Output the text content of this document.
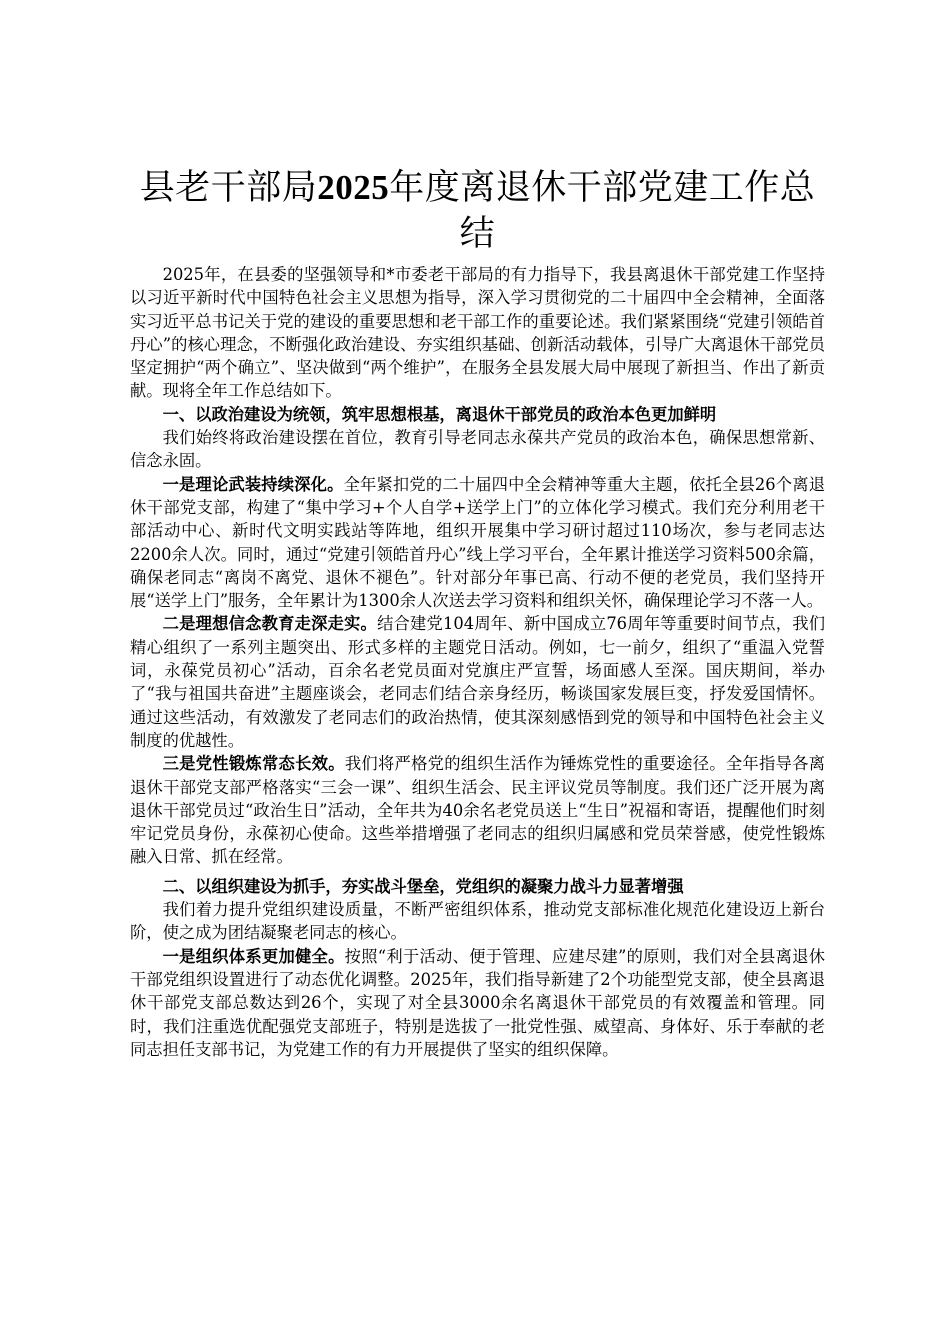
县老干部局2025年度离退休干部党建工作总结

2025年，在县委的坚强领导和*市委老干部局的有力指导下，我县离退休干部党建工作坚持以习近平新时代中国特色社会主义思想为指导，深入学习贯彻党的二十届四中全会精神，全面落实习近平总书记关于党的建设的重要思想和老干部工作的重要论述。我们紧紧围绕“党建引领皓首丹心”的核心理念，不断强化政治建设、夯实组织基础、创新活动载体，引导广大离退休干部党员坚定拥护“两个确立”、坚决做到“两个维护”，在服务全县发展大局中展现了新担当、作出了新贡献。现将全年工作总结如下。

一、以政治建设为统领，筑牢思想根基，离退休干部党员的政治本色更加鲜明

我们始终将政治建设摆在首位，教育引导老同志永葆共产党员的政治本色，确保思想常新、信念永固。

一是理论武装持续深化。全年紧扣党的二十届四中全会精神等重大主题，依托全县26个离退休干部党支部，构建了“集中学习+个人自学+送学上门”的立体化学习模式。我们充分利用老干部活动中心、新时代文明实践站等阵地，组织开展集中学习研讨超过110场次，参与老同志达2200余人次。同时，通过“党建引领皓首丹心”线上学习平台，全年累计推送学习资料500余篇，确保老同志“离岗不离党、退休不褪色”。针对部分年事已高、行动不便的老党员，我们坚持开展“送学上门”服务，全年累计为1300余人次送去学习资料和组织关怀，确保理论学习不落一人。

二是理想信念教育走深走实。结合建党104周年、新中国成立76周年等重要时间节点，我们精心组织了一系列主题突出、形式多样的主题党日活动。例如，七一前夕，组织了“重温入党誓词，永葆党员初心”活动，百余名老党员面对党旗庄严宣誓，场面感人至深。国庆期间，举办了“我与祖国共奋进”主题座谈会，老同志们结合亲身经历，畅谈国家发展巨变，抒发爱国情怀。通过这些活动，有效激发了老同志们的政治热情，使其深刻感悟到党的领导和中国特色社会主义制度的优越性。

三是党性锻炼常态长效。我们将严格党的组织生活作为锤炼党性的重要途径。全年指导各离退休干部党支部严格落实“三会一课”、组织生活会、民主评议党员等制度。我们还广泛开展为离退休干部党员过“政治生日”活动，全年共为40余名老党员送上“生日”祝福和寄语，提醒他们时刻牢记党员身份，永葆初心使命。这些举措增强了老同志的组织归属感和党员荣誉感，使党性锻炼融入日常、抓在经常。

二、以组织建设为抓手，夯实战斗堡垒，党组织的凝聚力战斗力显著增强

我们着力提升党组织建设质量，不断严密组织体系，推动党支部标准化规范化建设迈上新台阶，使之成为团结凝聚老同志的核心。

一是组织体系更加健全。按照“利于活动、便于管理、应建尽建”的原则，我们对全县离退休干部党组织设置进行了动态优化调整。2025年，我们指导新建了2个功能型党支部，使全县离退休干部党支部总数达到26个，实现了对全县3000余名离退休干部党员的有效覆盖和管理。同时，我们注重选优配强党支部班子，特别是选拔了一批党性强、威望高、身体好、乐于奉献的老同志担任支部书记，为党建工作的有力开展提供了坚实的组织保障。
